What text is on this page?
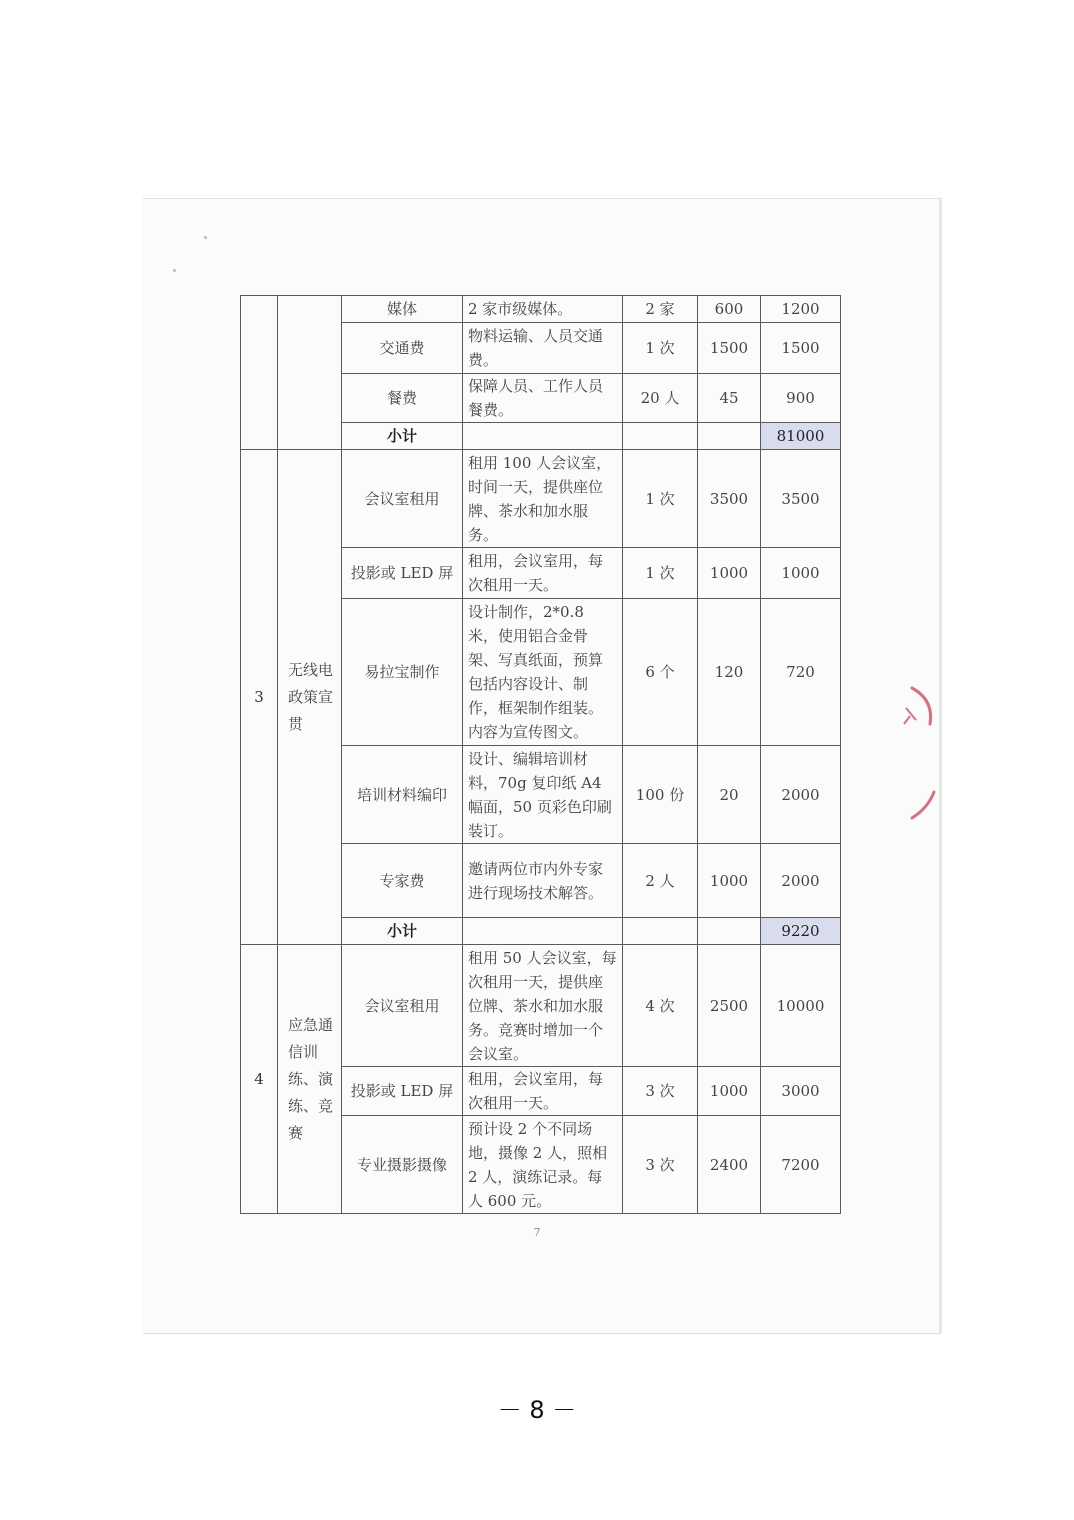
		媒体	2 家市级媒体。	2 家	600	1200
		交通费	物料运输、人员交通费。	1 次	1500	1500
		餐费	保障人员、工作人员餐费。	20 人	45	900
		小计				81000
3	无线电政策宣贯	会议室租用	租用 100 人会议室，时间一天，提供座位牌、茶水和加水服务。	1 次	3500	3500
		投影或 LED 屏	租用，会议室用，每次租用一天。	1 次	1000	1000
		易拉宝制作	设计制作，2*0.8 米，使用铝合金骨架、写真纸面，预算包括内容设计、制作，框架制作组装。内容为宣传图文。	6 个	120	720
		培训材料编印	设计、编辑培训材料，70g 复印纸 A4 幅面，50 页彩色印刷装订。	100 份	20	2000
		专家费	邀请两位市内外专家进行现场技术解答。	2 人	1000	2000
		小计				9220
4	应急通信训练、演练、竞赛	会议室租用	租用 50 人会议室，每次租用一天，提供座位牌、茶水和加水服务。竞赛时增加一个会议室。	4 次	2500	10000
		投影或 LED 屏	租用，会议室用，每次租用一天。	3 次	1000	3000
		专业摄影摄像	预计设 2 个不同场地，摄像 2 人，照相 2 人，演练记录。每人 600 元。	3 次	2400	7200
7
－ 8 －
